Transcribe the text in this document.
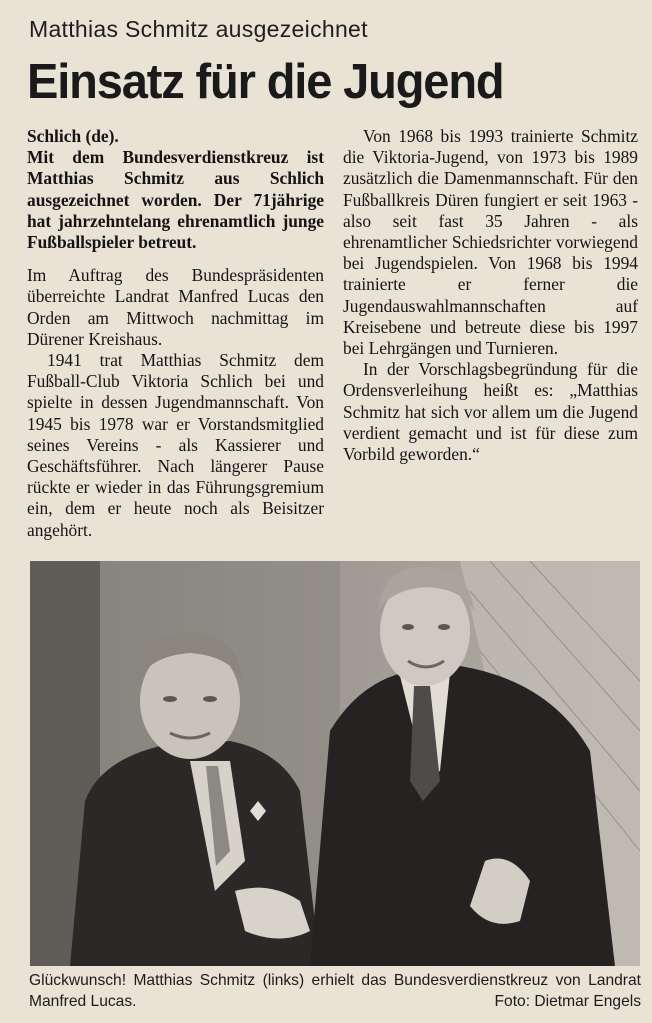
Matthias Schmitz ausgezeichnet
Einsatz für die Jugend

Schlich (de).
Mit dem Bundesverdienstkreuz ist Matthias Schmitz aus Schlich ausgezeichnet worden. Der 71jährige hat jahrzehntelang ehrenamtlich junge Fußballspieler betreut.

Im Auftrag des Bundespräsidenten überreichte Landrat Manfred Lucas den Orden am Mittwoch nachmittag im Dürener Kreishaus.

1941 trat Matthias Schmitz dem Fußball-Club Viktoria Schlich bei und spielte in dessen Jugendmannschaft. Von 1945 bis 1978 war er Vorstandsmitglied seines Vereins - als Kassierer und Geschäftsführer. Nach längerer Pause rückte er wieder in das Führungsgremium ein, dem er heute noch als Beisitzer angehört.

Von 1968 bis 1993 trainierte Schmitz die Viktoria-Jugend, von 1973 bis 1989 zusätzlich die Damenmannschaft. Für den Fußballkreis Düren fungiert er seit 1963 - also seit fast 35 Jahren - als ehrenamtlicher Schiedsrichter vorwiegend bei Jugendspielen. Von 1968 bis 1994 trainierte er ferner die Jugendauswahlmannschaften auf Kreisebene und betreute diese bis 1997 bei Lehrgängen und Turnieren.

In der Vorschlagsbegründung für die Ordensverleihung heißt es: „Matthias Schmitz hat sich vor allem um die Jugend verdient gemacht und ist für diese zum Vorbild geworden.“

Glückwunsch! Matthias Schmitz (links) erhielt das Bundesverdienstkreuz von Landrat Manfred Lucas.	Foto: Dietmar Engels
